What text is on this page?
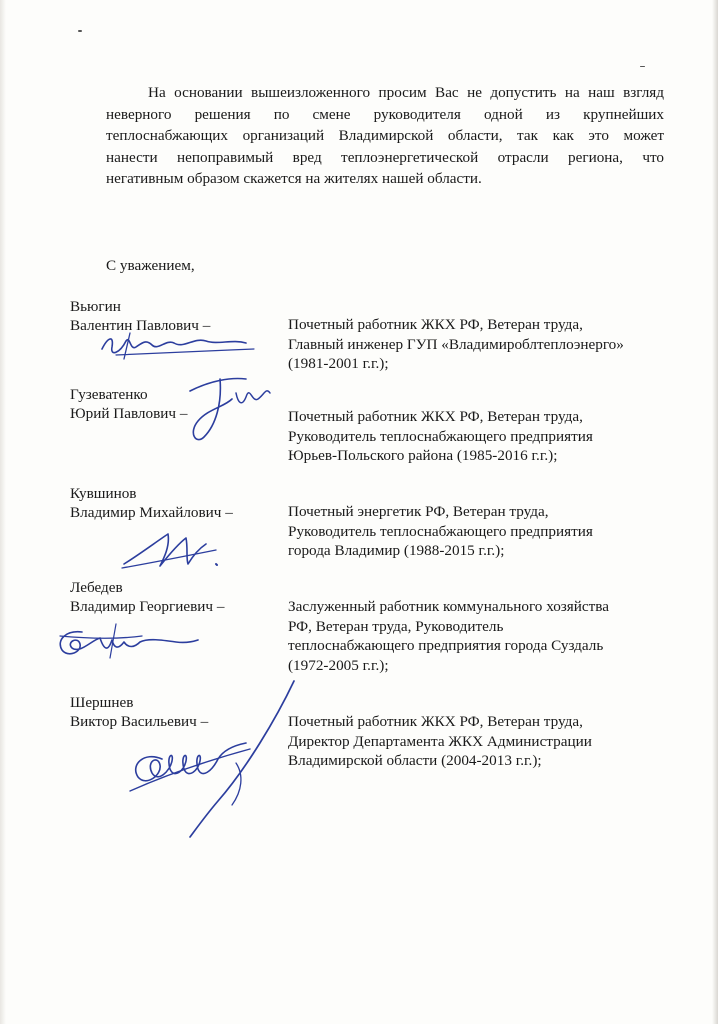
На основании вышеизложенного просим Вас не допустить на наш взгляд
неверного решения по смене руководителя одной из крупнейших
теплоснабжающих организаций Владимирской области, так как это может
нанести непоправимый вред теплоэнергетической отрасли региона, что
негативным образом скажется на жителях нашей области.

С уважением,

Вьюгин
Валентин Павлович –	Почетный работник ЖКХ РФ, Ветеран труда,
Главный инженер ГУП «Владимироблтеплоэнерго»
(1981-2001 г.г.);
Гузеватенко
Юрий Павлович –	Почетный работник ЖКХ РФ, Ветеран труда,
Руководитель теплоснабжающего предприятия
Юрьев-Польского района (1985-2016 г.г.);
Кувшинов
Владимир Михайлович –	Почетный энергетик РФ, Ветеран труда,
Руководитель теплоснабжающего предприятия
города Владимир (1988-2015 г.г.);
Лебедев
Владимир Георгиевич –	Заслуженный работник коммунального хозяйства
РФ, Ветеран труда, Руководитель
теплоснабжающего предприятия города Суздаль
(1972-2005 г.г.);
Шершнев
Виктор Васильевич –	Почетный работник ЖКХ РФ, Ветеран труда,
Директор Департамента ЖКХ Администрации
Владимирской области (2004-2013 г.г.);
